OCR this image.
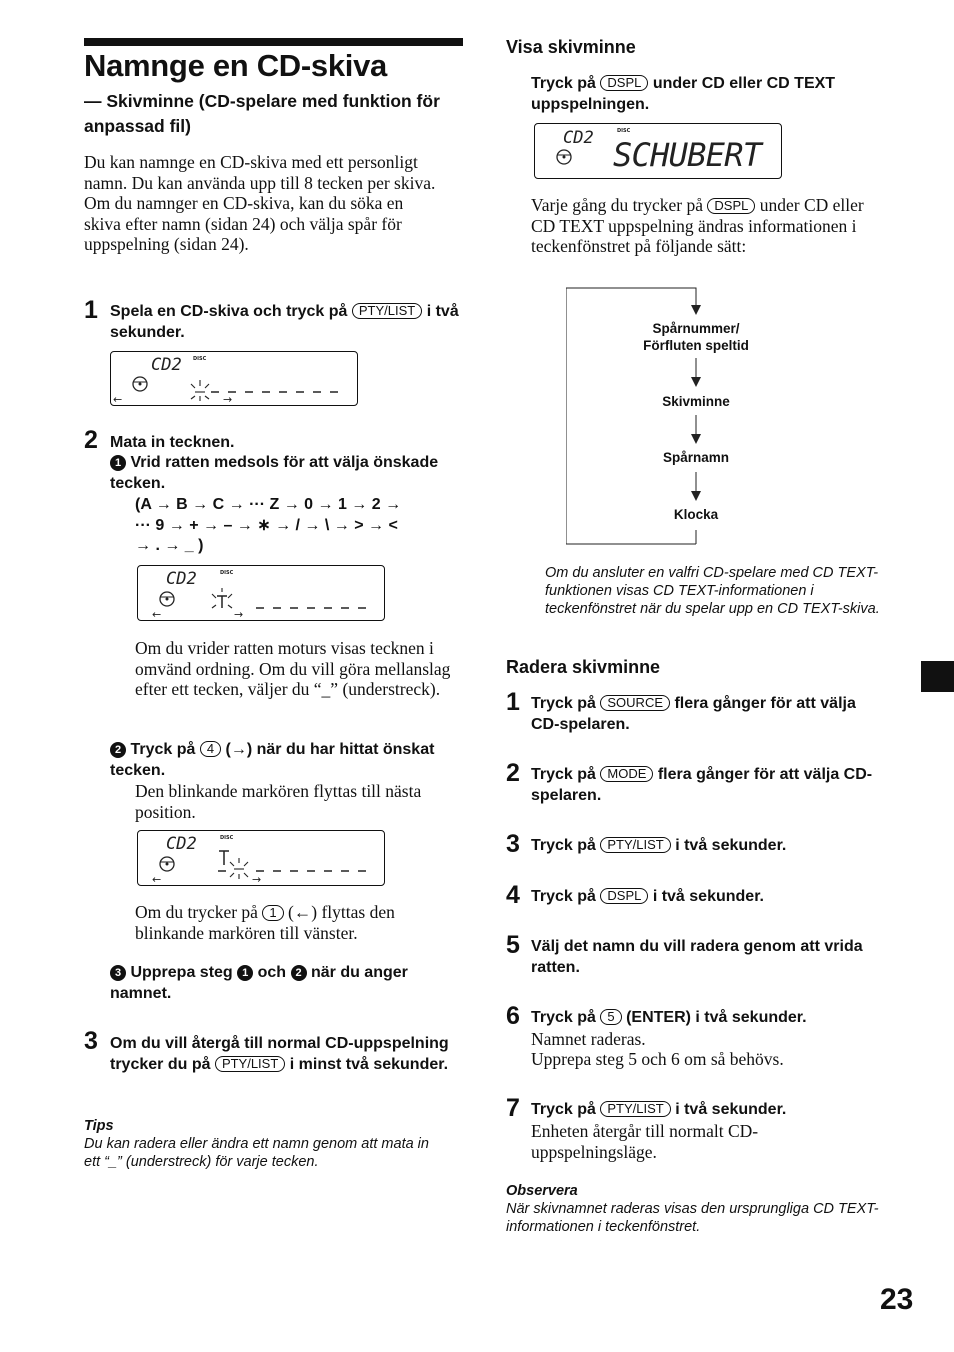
Namnge en CD-skiva
— Skivminne (CD-spelare med funktion för anpassad fil)
Du kan namnge en CD-skiva med ett personligt namn. Du kan använda upp till 8 tecken per skiva. Om du namnger en CD-skiva, kan du söka en skiva efter namn (sidan 24) och välja spår för uppspelning (sidan 24).
1 Spela en CD-skiva och tryck på PTY/LIST i två sekunder.
CD2 DISC
←	→
2 Mata in tecknen.
1 Vrid ratten medsols för att välja önskade tecken.
(A → B → C → ··· Z → 0 → 1 → 2 →
··· 9 → + → – → ∗ → / → \ → > → <
→ . → _ )
CD2	DISC
←	→
Om du vrider ratten moturs visas tecknen i omvänd ordning. Om du vill göra mellanslag efter ett tecken, väljer du “_” (understreck).
2 Tryck på 4 (→) när du har hittat önskat tecken.
Den blinkande markören flyttas till nästa position.
CD2	DISC
←	→
Om du trycker på 1 (←) flyttas den blinkande markören till vänster.
3 Upprepa steg 1 och 2 när du anger namnet.
3 Om du vill återgå till normal CD-uppspelning trycker du på PTY/LIST i minst två sekunder.
Tips
Du kan radera eller ändra ett namn genom att mata in ett “_” (understreck) för varje tecken.
Visa skivminne
Tryck på DSPL under CD eller CD TEXT uppspelningen.
CD2	DISC
SCHUBERT
Varje gång du trycker på DSPL under CD eller CD TEXT uppspelning ändras informationen i teckenfönstret på följande sätt:
Spårnummer/ Förfluten speltid
Skivminne
Spårnamn
Klocka
Om du ansluter en valfri CD-spelare med CD TEXT-funktionen visas CD TEXT-informationen i teckenfönstret när du spelar upp en CD TEXT-skiva.
Radera skivminne
1 Tryck på SOURCE flera gånger för att välja CD-spelaren.
2 Tryck på MODE flera gånger för att välja CD-spelaren.
3 Tryck på PTY/LIST i två sekunder.
4 Tryck på DSPL i två sekunder.
5 Välj det namn du vill radera genom att vrida ratten.
6 Tryck på 5 (ENTER) i två sekunder.
Namnet raderas.
Upprepa steg 5 och 6 om så behövs.
7 Tryck på PTY/LIST i två sekunder.
Enheten återgår till normalt CD-uppspelningsläge.
Observera
När skivnamnet raderas visas den ursprungliga CD TEXT-informationen i teckenfönstret.
23
